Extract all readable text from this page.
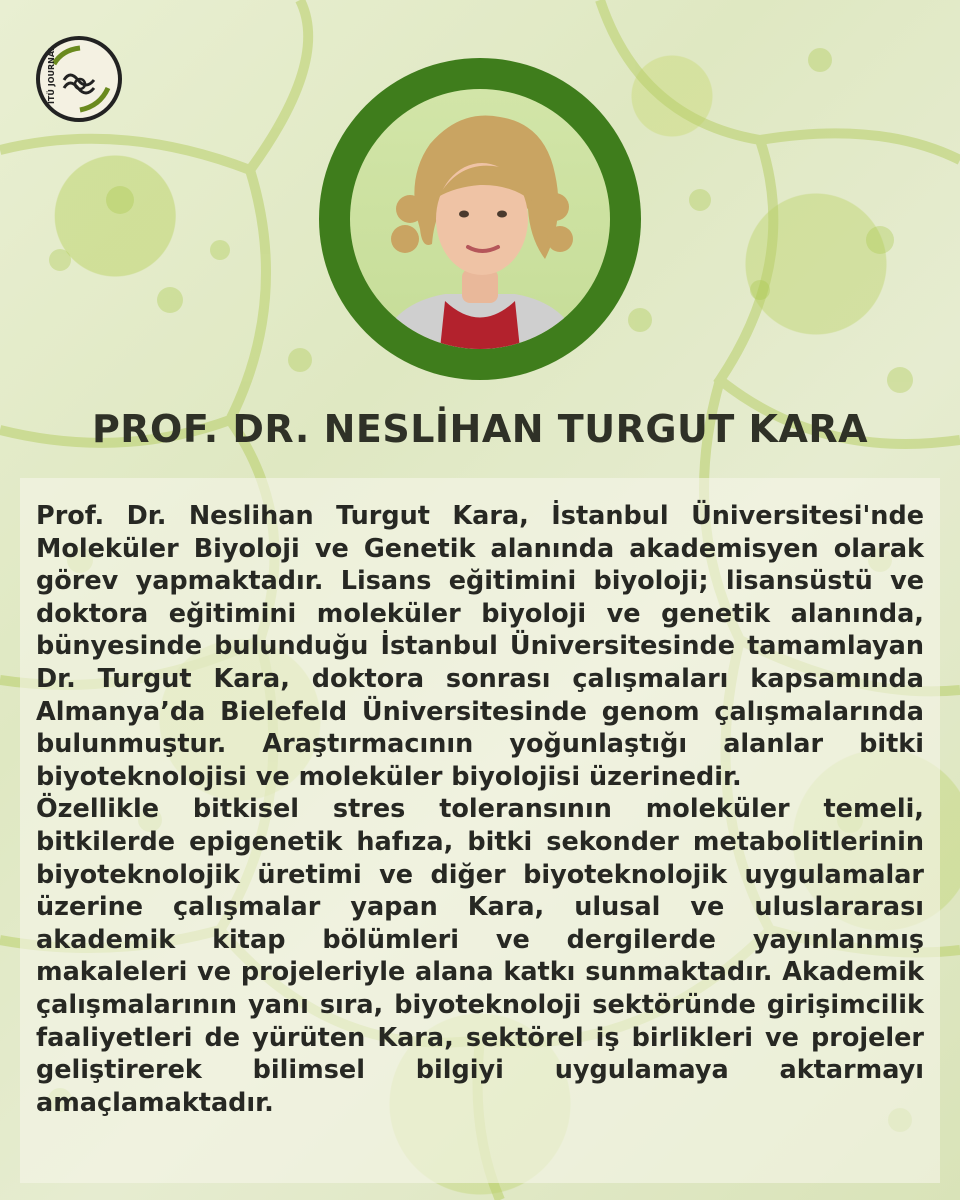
İTÜ JOURNAL
PROF. DR. NESLİHAN TURGUT KARA

Prof. Dr. Neslihan Turgut Kara, İstanbul Üniversitesi'nde Moleküler Biyoloji ve Genetik alanında akademisyen olarak görev yapmaktadır. Lisans eğitimini biyoloji; lisansüstü ve doktora eğitimini moleküler biyoloji ve genetik alanında, bünyesinde bulunduğu İstanbul Üniversitesinde tamamlayan Dr. Turgut Kara, doktora sonrası çalışmaları kapsamında Almanya’da Bielefeld Üniversitesinde genom çalışmalarında bulunmuştur. Araştırmacının yoğunlaştığı alanlar bitki biyoteknolojisi ve moleküler biyolojisi üzerinedir.

Özellikle bitkisel stres toleransının moleküler temeli, bitkilerde epigenetik hafıza, bitki sekonder metabolitlerinin biyoteknolojik üretimi ve diğer biyoteknolojik uygulamalar üzerine çalışmalar yapan Kara, ulusal ve uluslararası akademik kitap bölümleri ve dergilerde yayınlanmış makaleleri ve projeleriyle alana katkı sunmaktadır. Akademik çalışmalarının yanı sıra, biyoteknoloji sektöründe girişimcilik faaliyetleri de yürüten Kara, sektörel iş birlikleri ve projeler geliştirerek bilimsel bilgiyi uygulamaya aktarmayı amaçlamaktadır.
